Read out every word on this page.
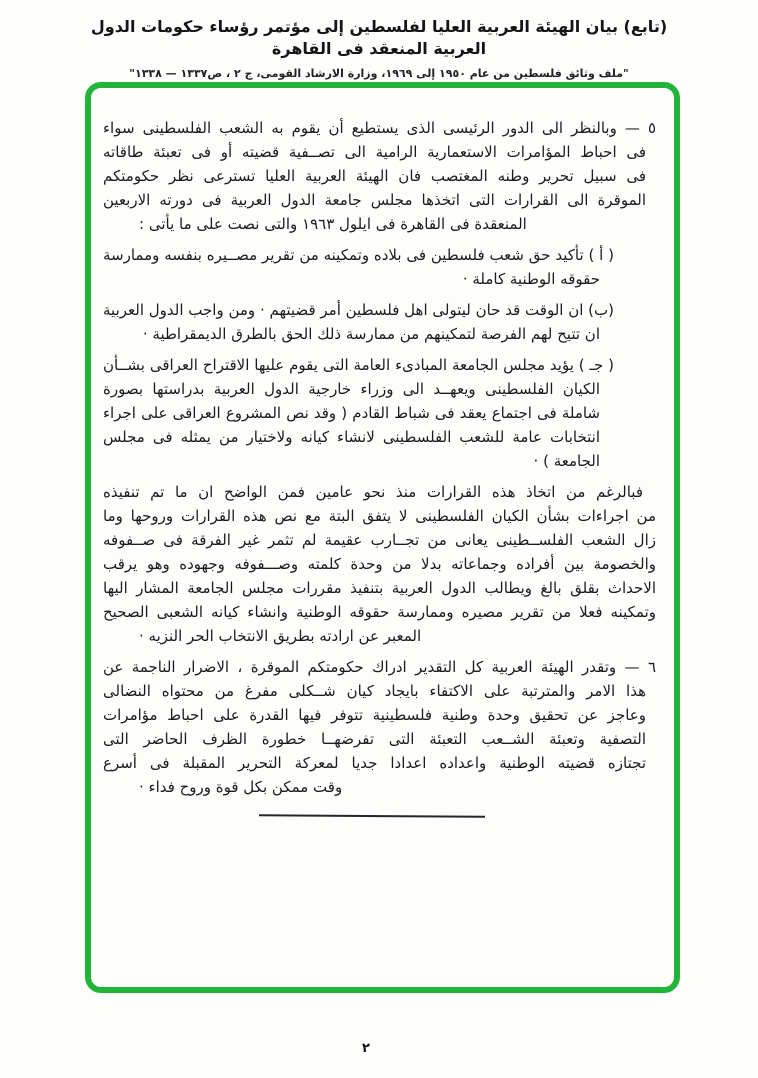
(تابع) بيان الهيئة العربية العليا لفلسطين إلى مؤتمر رؤساء حكومات الدول العربية المنعقد فى القاهرة
"ملف وثائق فلسطين من عام ١٩٥٠ إلى ١٩٦٩، وزارة الارشاد القومى، ج ٢ ، ص١٣٣٧ — ١٣٣٨"
٥ — وبالنظر الى الدور الرئيسى الذى يستطيع أن يقوم به الشعب الفلسطينى سواء
فى احباط المؤامرات الاستعمارية الرامية الى تصــفية قضيته أو فى تعبئة طاقاته
فى سبيل تحرير وطنه المغتصب فان الهيئة العربية العليا تسترعى نظر حكومتكم
الموقرة الى القرارات التى اتخذها مجلس جامعة الدول العربية فى دورته الاربعين
المنعقدة فى القاهرة فى ايلول ١٩٦٣ والتى نصت على ما يأتى :
( أ ) تأكيد حق شعب فلسطين فى بلاده وتمكينه من تقرير مصــيره بنفسه وممارسة
حقوقه الوطنية كاملة ·
(ب) ان الوقت قد حان ليتولى اهل فلسطين أمر قضيتهم · ومن واجب الدول العربية
ان تتيح لهم الفرصة لتمكينهم من ممارسة ذلك الحق بالطرق الديمقراطية ·
( جـ ) يؤيد مجلس الجامعة المبادىء العامة التى يقوم عليها الاقتراح العراقى بشــأن
الكيان الفلسطينى ويعهــد الى وزراء خارجية الدول العربية بدراستها بصورة
شاملة فى اجتماع يعقد فى شباط القادم ( وقد نص المشروع العراقى على اجراء
انتخابات عامة للشعب الفلسطينى لانشاء كيانه ولاختيار من يمثله فى مجلس
الجامعة ) ·
فبالرغم من اتخاذ هذه القرارات منذ نحو عامين فمن الواضح ان ما تم تنفيذه
من اجراءات بشأن الكيان الفلسطينى لا يتفق البتة مع نص هذه القرارات وروحها وما
زال الشعب الفلســطينى يعانى من تجــارب عقيمة لم تثمر غير الفرقة فى صــفوفه
والخصومة بين أفراده وجماعاته بدلا من وحدة كلمته وصـــفوفه وجهوده وهو يرقب
الاحداث بقلق بالغ ويطالب الدول العربية بتنفيذ مقررات مجلس الجامعة المشار اليها
وتمكينه فعلا من تقرير مصيره وممارسة حقوقه الوطنية وانشاء كيانه الشعبى الصحيح
المعبر عن ارادته بطريق الانتخاب الحر النزيه ·
٦ — وتقدر الهيئة العربية كل التقدير ادراك حكومتكم الموقرة ، الاضرار الناجمة عن
هذا الامر والمترتبة على الاكتفاء بايجاد كيان شــكلى مفرغ من محتواه النضالى
وعاجز عن تحقيق وحدة وطنية فلسطينية تتوفر فيها القدرة على احباط مؤامرات
التصفية وتعبئة الشــعب التعبئة التى تفرضهــا خطورة الظرف الحاضر التى
تجتازه قضيته الوطنية واعداده اعدادا جديا لمعركة التحرير المقبلة فى أسرع
وقت ممكن بكل قوة وروح فداء ·
٢
